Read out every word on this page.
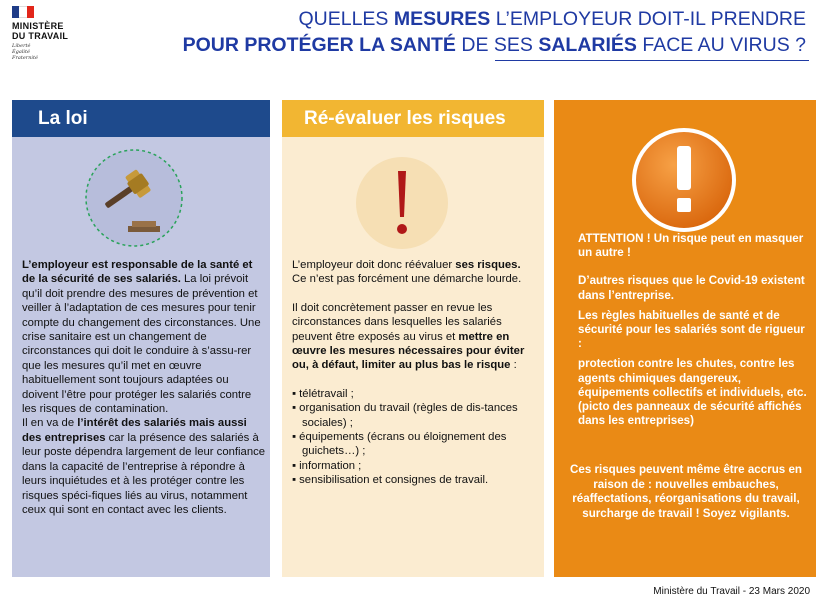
MINISTÈRE
DU TRAVAIL
Liberté
Égalité
Fraternité
QUELLES MESURES L’EMPLOYEUR DOIT-IL PRENDRE
POUR PROTÉGER LA SANTÉ DE SES SALARIÉS FACE AU VIRUS ?
La loi

L’employeur est responsable de la santé et de la sécurité de ses salariés. La loi prévoit qu’il doit prendre des mesures de prévention et veiller à l’adaptation de ces mesures pour tenir compte du changement des circonstances. Une crise sanitaire est un changement de circonstances qui doit le conduire à s’assu-rer que les mesures qu’il met en œuvre habituellement sont toujours adaptées ou doivent l’être pour protéger les salariés contre les risques de contamination.

Il en va de l’intérêt des salariés mais aussi des entreprises car la présence des salariés à leur poste dépendra largement de leur confiance dans la capacité de l’entreprise à répondre à leurs inquiétudes et à les protéger contre les risques spéci-fiques liés au virus, notamment ceux qui sont en contact avec les clients.

Ré-évaluer les risques

L’employeur doit donc réévaluer ses risques.
Ce n’est pas forcément une démarche lourde.

Il doit concrètement passer en revue les circonstances dans lesquelles les salariés peuvent être exposés au virus et mettre en œuvre les mesures nécessaires pour éviter ou, à défaut, limiter au plus bas le risque :

▪ télétravail ;
▪ organisation du travail (règles de dis-tances sociales) ;
▪ équipements (écrans ou éloignement des guichets…) ;
▪ information ;
▪ sensibilisation et consignes de travail.

ATTENTION ! Un risque peut en masquer un autre !

D’autres risques que le Covid-19 existent dans l’entreprise.

Les règles habituelles de santé et de sécurité pour les salariés sont de rigueur :

protection contre les chutes, contre les agents chimiques dangereux, équipements collectifs et individuels, etc. (picto des panneaux de sécurité affichés dans les entreprises)

Ces risques peuvent même être accrus en raison de : nouvelles embauches, réaffectations, réorganisations du travail, surcharge de travail ! Soyez vigilants.
Ministère du Travail - 23 Mars 2020
